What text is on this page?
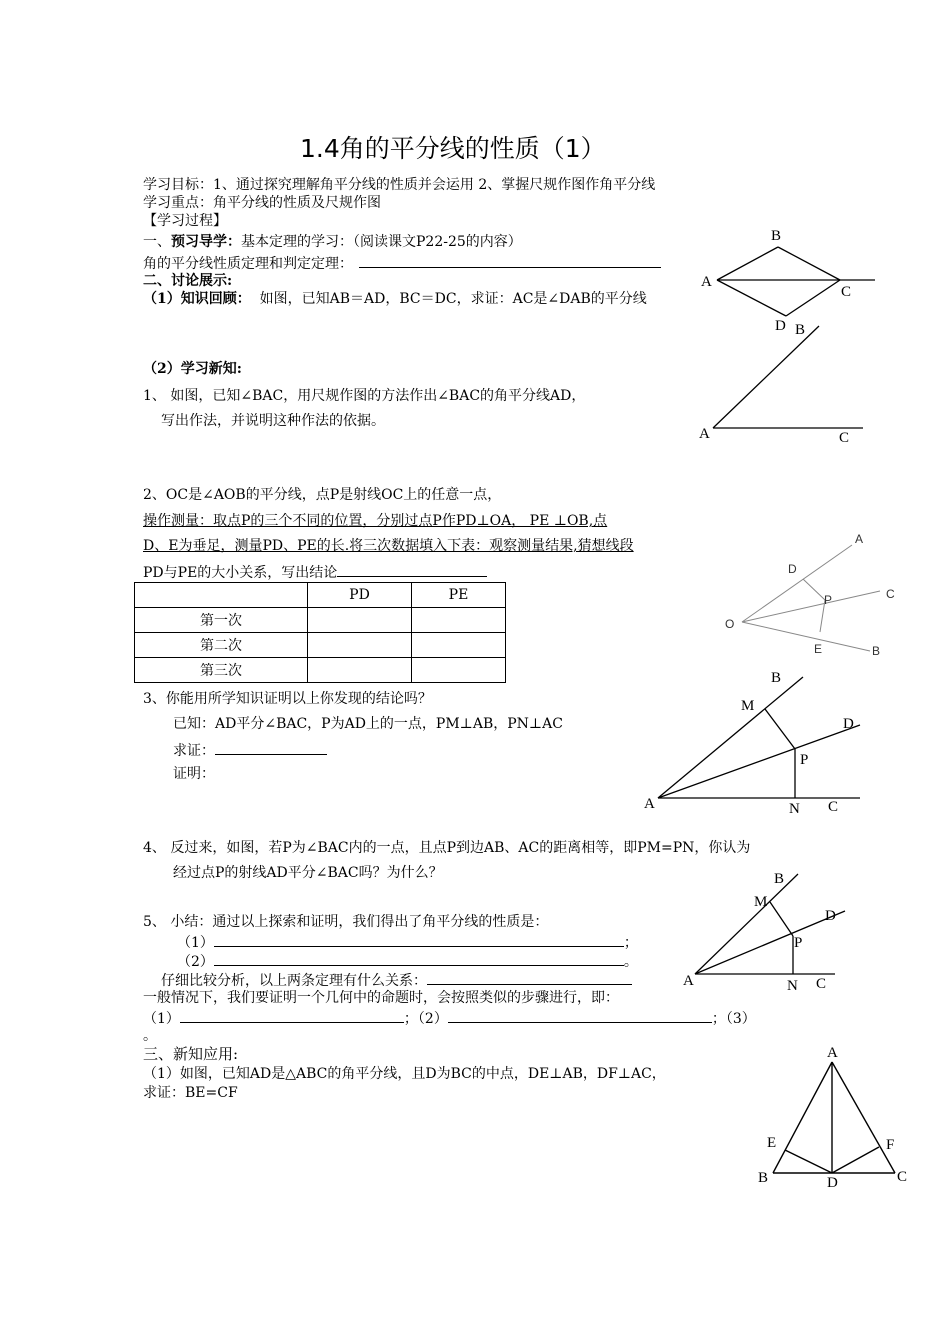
1.4角的平分线的性质（1）
学习目标：1、通过探究理解角平分线的性质并会运用 2、掌握尺规作图作角平分线
学习重点：角平分线的性质及尺规作图
【学习过程】
一、预习导学：基本定理的学习：（阅读课文P22-25的内容）
角的平分线性质定理和判定定理：
二、讨论展示:
（1）知识回顾： 如图，已知AB＝AD，BC＝DC，求证：AC是∠DAB的平分线
（2）学习新知:
1、 如图，已知∠BAC，用尺规作图的方法作出∠BAC的角平分线AD，
写出作法，并说明这种作法的依据。
2、OC是∠AOB的平分线，点P是射线OC上的任意一点，
操作测量：取点P的三个不同的位置，分别过点P作PD⊥OA， PE ⊥OB,点
D、E为垂足，测量PD、PE的长.将三次数据填入下表：观察测量结果,猜想线段
PD与PE的大小关系，写出结论
	PD	PE
第一次		
第二次		
第三次		
3、你能用所学知识证明以上你发现的结论吗？
已知：AD平分∠BAC，P为AD上的一点，PM⊥AB，PN⊥AC
求证：
证明：
4、 反过来，如图，若P为∠BAC内的一点，且点P到边AB、AC的距离相等，即PM=PN，你认为
经过点P的射线AD平分∠BAC吗？为什么？
5、 小结：通过以上探索和证明，我们得出了角平分线的性质是：
（1）	；
（2）	。
仔细比较分析，以上两条定理有什么关系：
一般情况下，我们要证明一个几何中的命题时，会按照类似的步骤进行，即：
（1）	；（2）	；（3）
。
三、新知应用:
（1）如图，已知AD是△ABC的角平分线，且D为BC的中点，DE⊥AB，DF⊥AC，
求证：BE=CF
A
B
C
D B
A	C
O
A
C
B
D
P
E
A
B
M
D
P
N C
A
B
M
D
P
N C
A
E	F
B	D	C
